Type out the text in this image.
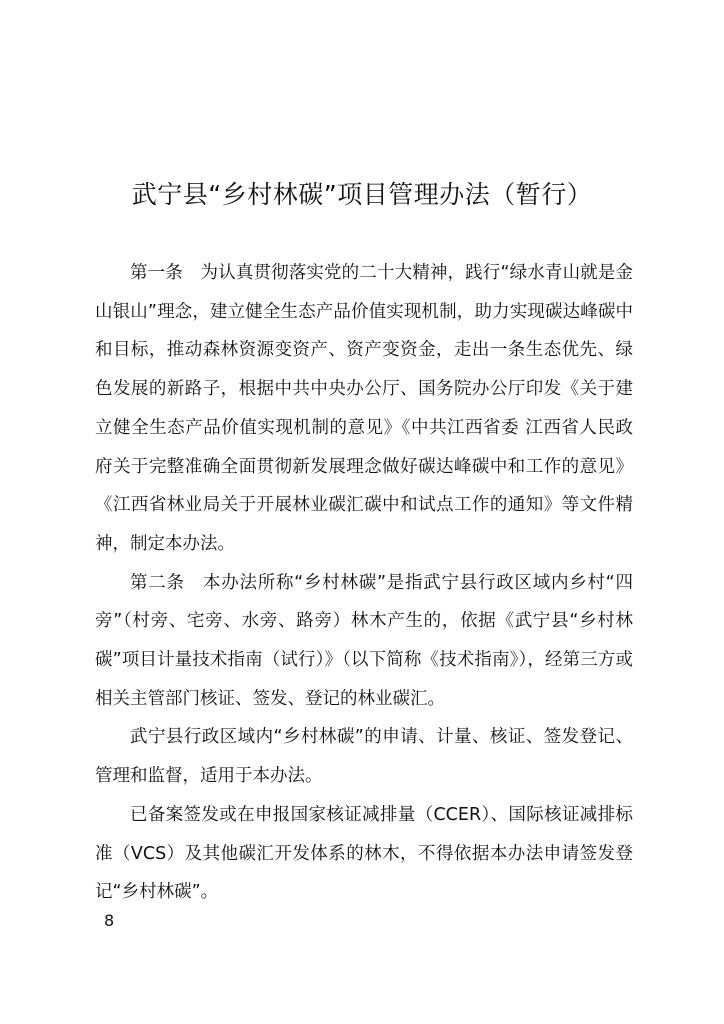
武宁县“乡村林碳”项目管理办法（暂行）

第一条　为认真贯彻落实党的二十大精神，践行“绿水青山就是金山银山”理念，建立健全生态产品价值实现机制，助力实现碳达峰碳中和目标，推动森林资源变资产、资产变资金，走出一条生态优先、绿色发展的新路子，根据中共中央办公厅、国务院办公厅印发《关于建立健全生态产品价值实现机制的意见》《中共江西省委 江西省人民政府关于完整准确全面贯彻新发展理念做好碳达峰碳中和工作的意见》《江西省林业局关于开展林业碳汇碳中和试点工作的通知》等文件精神，制定本办法。

第二条　本办法所称“乡村林碳”是指武宁县行政区域内乡村“四旁”（村旁、宅旁、水旁、路旁）林木产生的，依据《武宁县“乡村林碳”项目计量技术指南（试行）》（以下简称《技术指南》），经第三方或相关主管部门核证、签发、登记的林业碳汇。

武宁县行政区域内“乡村林碳”的申请、计量、核证、签发登记、管理和监督，适用于本办法。

已备案签发或在申报国家核证减排量（CCER）、国际核证减排标准（VCS）及其他碳汇开发体系的林木，不得依据本办法申请签发登记“乡村林碳”。

8
